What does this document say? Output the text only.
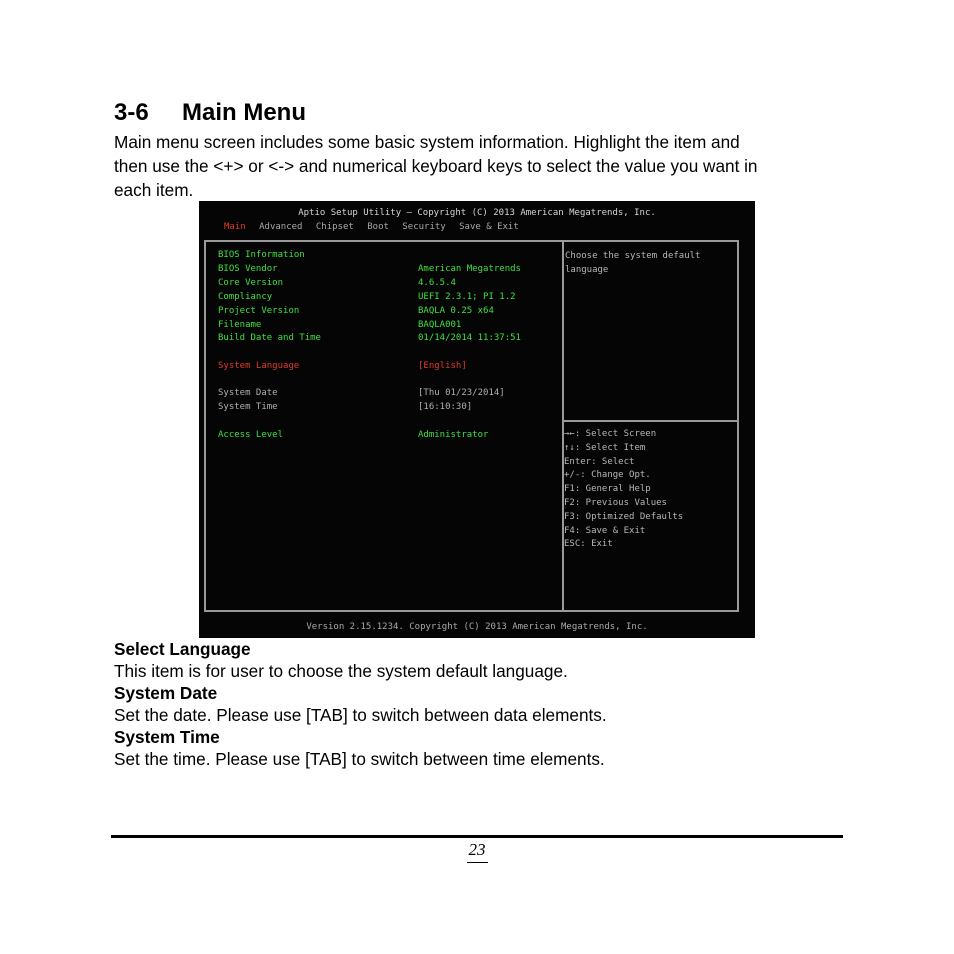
3-6 Main Menu
Main menu screen includes some basic system information. Highlight the item and
then use the <+> or <-> and numerical keyboard keys to select the value you want in
each item.
Aptio Setup Utility – Copyright (C) 2013 American Megatrends, Inc.
Main Advanced Chipset Boot Security Save & Exit
BIOS Information
BIOS Vendor	American Megatrends
Core Version	4.6.5.4
Compliancy	UEFI 2.3.1; PI 1.2
Project Version	BAQLA 0.25 x64
Filename	BAQLA001
Build Date and Time	01/14/2014 11:37:51
System Language	[English]
System Date	[Thu 01/23/2014]
System Time	[16:10:30]
Access Level	Administrator
Choose the system default language
→←: Select Screen
↑↓: Select Item
Enter: Select
+/-: Change Opt.
F1: General Help
F2: Previous Values
F3: Optimized Defaults
F4: Save & Exit
ESC: Exit
Version 2.15.1234. Copyright (C) 2013 American Megatrends, Inc.
Select Language
This item is for user to choose the system default language.
System Date
Set the date. Please use [TAB] to switch between data elements.
System Time
Set the time. Please use [TAB] to switch between time elements.
23
